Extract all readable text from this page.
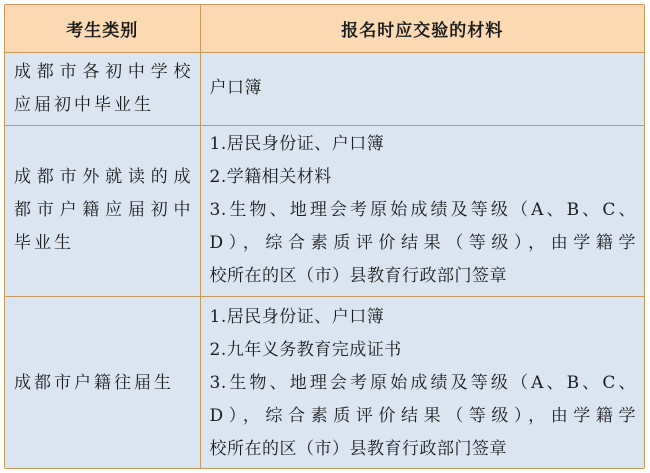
考生类别	报名时应交验的材料

成都市各初中学校
应届初中毕业生	户口簿

成都市外就读的成
都市户籍应届初中
毕业生	1.居民身份证、户口簿
2.学籍相关材料
3.生物、地理会考原始成绩及等级（A、B、C、
D），综合素质评价结果（等级），由学籍学
校所在的区（市）县教育行政部门签章

成都市户籍往届生	1.居民身份证、户口簿
2.九年义务教育完成证书
3.生物、地理会考原始成绩及等级（A、B、C、
D），综合素质评价结果（等级），由学籍学
校所在的区（市）县教育行政部门签章
